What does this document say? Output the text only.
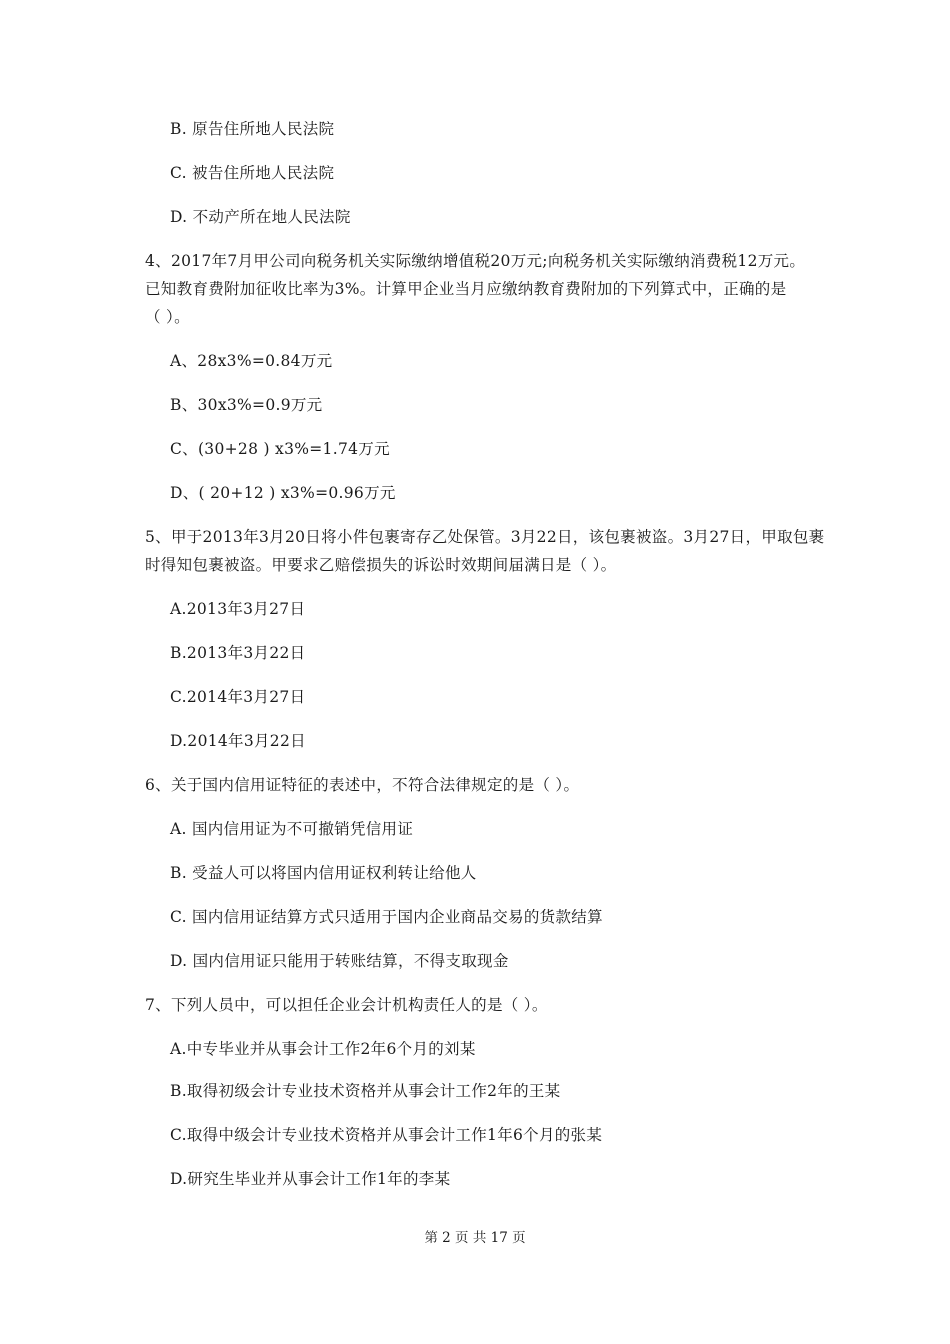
B. 原告住所地人民法院
C. 被告住所地人民法院
D. 不动产所在地人民法院
4、2017年7月甲公司向税务机关实际缴纳增值税20万元;向税务机关实际缴纳消费税12万元。
已知教育费附加征收比率为3%。计算甲企业当月应缴纳教育费附加的下列算式中，正确的是
（ ）。
A、28x3%=0.84万元
B、30x3%=0.9万元
C、(30+28 ) x3%=1.74万元
D、( 20+12 ) x3%=0.96万元
5、甲于2013年3月20日将小件包裹寄存乙处保管。3月22日，该包裹被盗。3月27日，甲取包裹
时得知包裹被盗。甲要求乙赔偿损失的诉讼时效期间届满日是（ ）。
A.2013年3月27日
B.2013年3月22日
C.2014年3月27日
D.2014年3月22日
6、关于国内信用证特征的表述中，不符合法律规定的是（ ）。
A. 国内信用证为不可撤销凭信用证
B. 受益人可以将国内信用证权利转让给他人
C. 国内信用证结算方式只适用于国内企业商品交易的货款结算
D. 国内信用证只能用于转账结算，不得支取现金
7、下列人员中，可以担任企业会计机构责任人的是（ ）。
A.中专毕业并从事会计工作2年6个月的刘某
B.取得初级会计专业技术资格并从事会计工作2年的王某
C.取得中级会计专业技术资格并从事会计工作1年6个月的张某
D.研究生毕业并从事会计工作1年的李某
第 2 页 共 17 页
